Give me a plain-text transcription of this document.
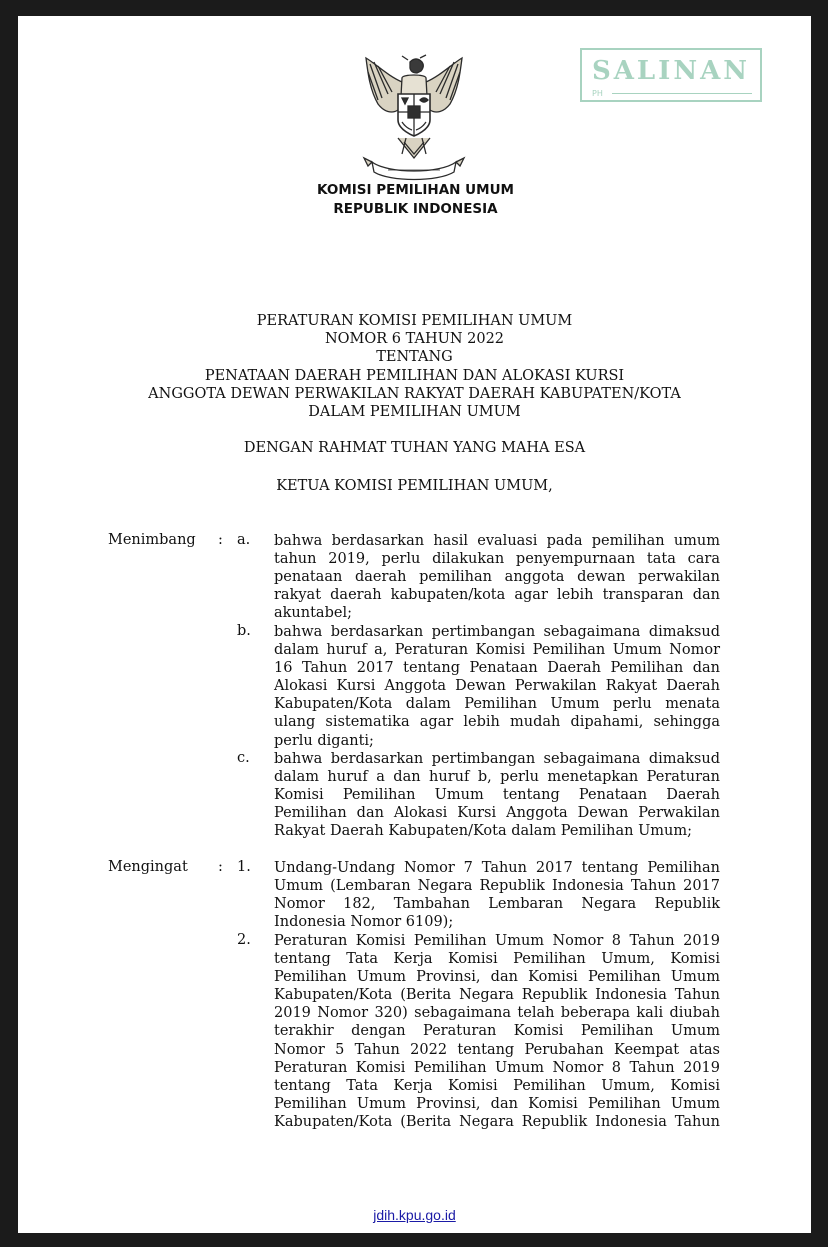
SALINAN
PH
KOMISI PEMILIHAN UMUM
REPUBLIK INDONESIA
PERATURAN KOMISI PEMILIHAN UMUM
NOMOR 6 TAHUN 2022
TENTANG
PENATAAN DAERAH PEMILIHAN DAN ALOKASI KURSI
ANGGOTA DEWAN PERWAKILAN RAKYAT DAERAH KABUPATEN/KOTA
DALAM PEMILIHAN UMUM
DENGAN RAHMAT TUHAN YANG MAHA ESA
KETUA KOMISI PEMILIHAN UMUM,
Menimbang : a. bahwa berdasarkan hasil evaluasi pada pemilihan umum
tahun 2019, perlu dilakukan penyempurnaan tata cara
penataan daerah pemilihan anggota dewan perwakilan
rakyat daerah kabupaten/kota agar lebih transparan dan
akuntabel;
b. bahwa berdasarkan pertimbangan sebagaimana dimaksud
dalam huruf a, Peraturan Komisi Pemilihan Umum Nomor
16 Tahun 2017 tentang Penataan Daerah Pemilihan dan
Alokasi Kursi Anggota Dewan Perwakilan Rakyat Daerah
Kabupaten/Kota dalam Pemilihan Umum perlu menata
ulang sistematika agar lebih mudah dipahami, sehingga
perlu diganti;
c. bahwa berdasarkan pertimbangan sebagaimana dimaksud
dalam huruf a dan huruf b, perlu menetapkan Peraturan
Komisi Pemilihan Umum tentang Penataan Daerah
Pemilihan dan Alokasi Kursi Anggota Dewan Perwakilan
Rakyat Daerah Kabupaten/Kota dalam Pemilihan Umum;
Mengingat : 1. Undang-Undang Nomor 7 Tahun 2017 tentang Pemilihan
Umum (Lembaran Negara Republik Indonesia Tahun 2017
Nomor 182, Tambahan Lembaran Negara Republik
Indonesia Nomor 6109);
2. Peraturan Komisi Pemilihan Umum Nomor 8 Tahun 2019
tentang Tata Kerja Komisi Pemilihan Umum, Komisi
Pemilihan Umum Provinsi, dan Komisi Pemilihan Umum
Kabupaten/Kota (Berita Negara Republik Indonesia Tahun
2019 Nomor 320) sebagaimana telah beberapa kali diubah
terakhir dengan Peraturan Komisi Pemilihan Umum
Nomor 5 Tahun 2022 tentang Perubahan Keempat atas
Peraturan Komisi Pemilihan Umum Nomor 8 Tahun 2019
tentang Tata Kerja Komisi Pemilihan Umum, Komisi
Pemilihan Umum Provinsi, dan Komisi Pemilihan Umum
Kabupaten/Kota (Berita Negara Republik Indonesia Tahun
jdih.kpu.go.id
